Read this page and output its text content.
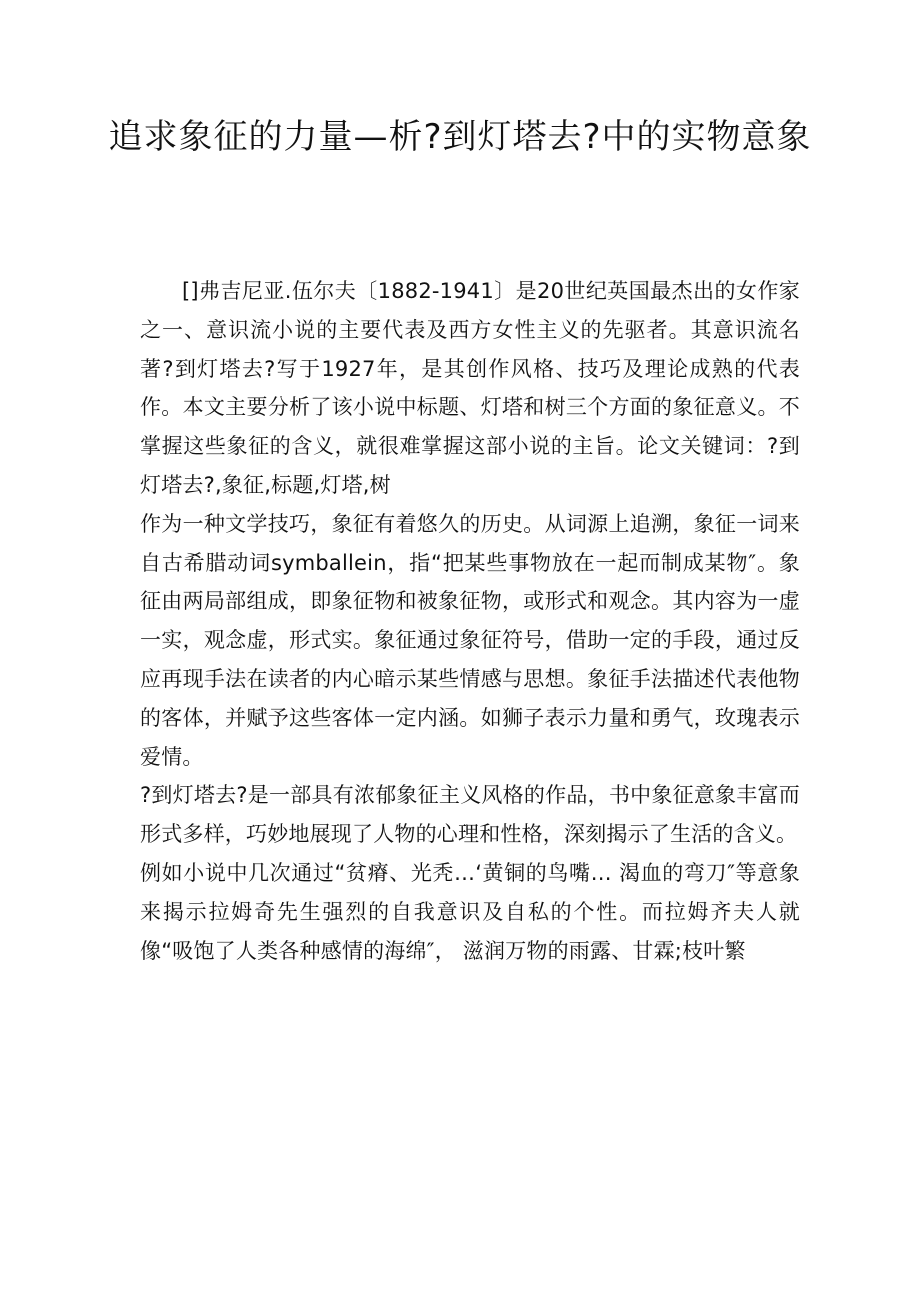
追求象征的力量—析?到灯塔去?中的实物意象

[]弗吉尼亚.伍尔夫〔1882-1941〕是20世纪英国最杰出的女作家之一、意识流小说的主要代表及西方女性主义的先驱者。其意识流名著?到灯塔去?写于1927年，是其创作风格、技巧及理论成熟的代表作。本文主要分析了该小说中标题、灯塔和树三个方面的象征意义。不掌握这些象征的含义，就很难掌握这部小说的主旨。论文关键词：?到灯塔去?,象征,标题,灯塔,树

作为一种文学技巧，象征有着悠久的历史。从词源上追溯，象征一词来自古希腊动词symballein，指“把某些事物放在一起而制成某物″。象征由两局部组成，即象征物和被象征物，或形式和观念。其内容为一虚一实，观念虚，形式实。象征通过象征符号，借助一定的手段，通过反应再现手法在读者的内心暗示某些情感与思想。象征手法描述代表他物的客体，并赋予这些客体一定内涵。如狮子表示力量和勇气，玫瑰表示爱情。

?到灯塔去?是一部具有浓郁象征主义风格的作品，书中象征意象丰富而形式多样，巧妙地展现了人物的心理和性格，深刻揭示了生活的含义。

例如小说中几次通过“贫瘠、光秃…‘黄铜的鸟嘴… 渴血的弯刀″等意象来揭示拉姆奇先生强烈的自我意识及自私的个性。而拉姆齐夫人就像“吸饱了人类各种感情的海绵″， 滋润万物的雨露、甘霖;枝叶繁
